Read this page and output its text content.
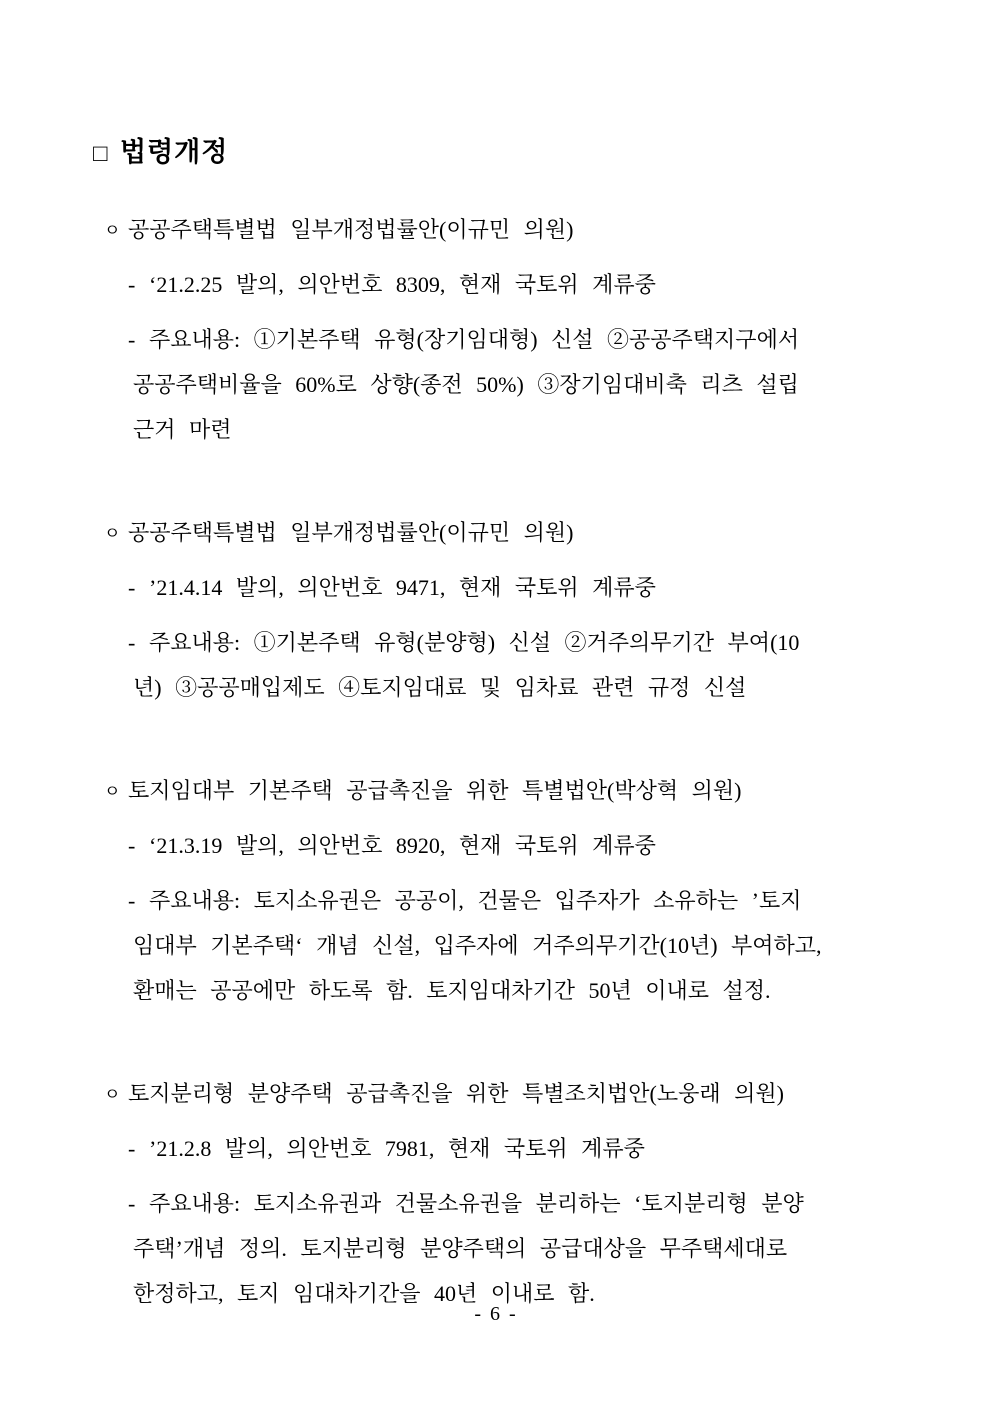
□ 법령개정
ㅇ 공공주택특별법 일부개정법률안(이규민 의원)
- ‘21.2.25 발의, 의안번호 8309, 현재 국토위 계류중
- 주요내용: ①기본주택 유형(장기임대형) 신설 ②공공주택지구에서
공공주택비율을 60%로 상향(종전 50%) ③장기임대비축 리츠 설립
근거 마련
ㅇ 공공주택특별법 일부개정법률안(이규민 의원)
- ’21.4.14 발의, 의안번호 9471, 현재 국토위 계류중
- 주요내용: ①기본주택 유형(분양형) 신설 ②거주의무기간 부여(10
년) ③공공매입제도 ④토지임대료 및 임차료 관련 규정 신설
ㅇ 토지임대부 기본주택 공급촉진을 위한 특별법안(박상혁 의원)
- ‘21.3.19 발의, 의안번호 8920, 현재 국토위 계류중
- 주요내용: 토지소유권은 공공이, 건물은 입주자가 소유하는 ’토지
임대부 기본주택‘ 개념 신설, 입주자에 거주의무기간(10년) 부여하고,
환매는 공공에만 하도록 함. 토지임대차기간 50년 이내로 설정.
ㅇ 토지분리형 분양주택 공급촉진을 위한 특별조치법안(노웅래 의원)
- ’21.2.8 발의, 의안번호 7981, 현재 국토위 계류중
- 주요내용: 토지소유권과 건물소유권을 분리하는 ‘토지분리형 분양
주택’개념 정의. 토지분리형 분양주택의 공급대상을 무주택세대로
한정하고, 토지 임대차기간을 40년 이내로 함.
- 6 -
